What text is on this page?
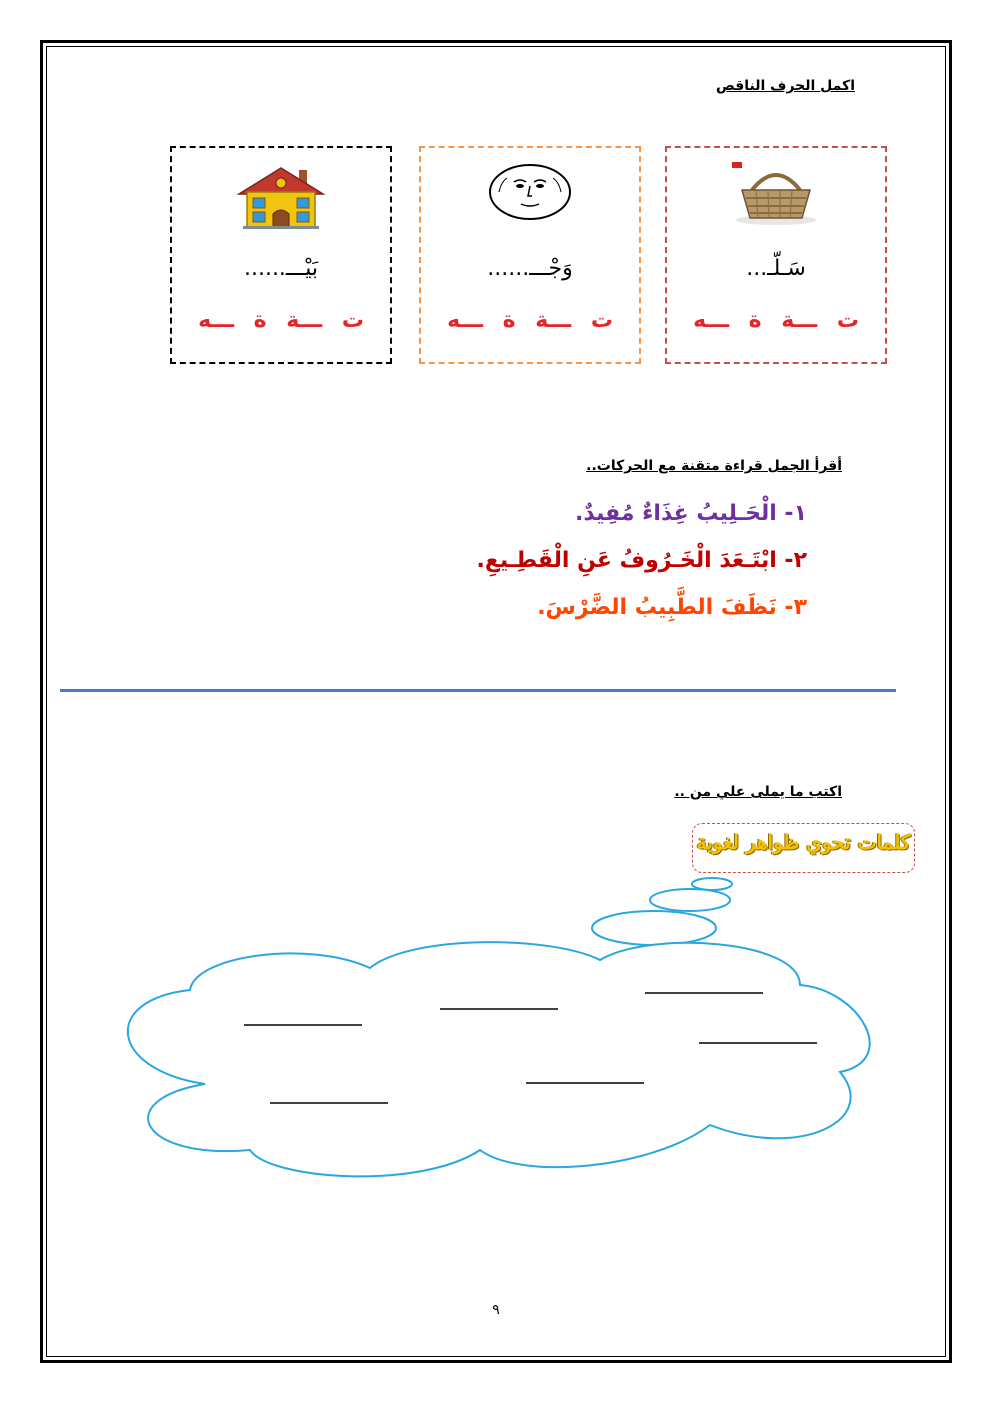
اكمل الحرف الناقص
سَـلّـ...
ت ـــة ة ـــه
وَجْـــ......
ت ـــة ة ـــه
بَيْـــ......
ت ـــة ة ـــه
أقرأ الجمل قراءة متقنة مع الحركات..
١- الْحَـلِيبُ غِذَاءٌ مُفِيدٌ.
٢- ابْتَـعَدَ الْخَـرُوفُ عَنِ الْقَطِـيعِ.
٣- نَظَفَ الطَّبِيبُ الضَّرْسَ.
اكتب ما يملى علي من ..
كلمات تحوي ظواهر لغوية
٩
